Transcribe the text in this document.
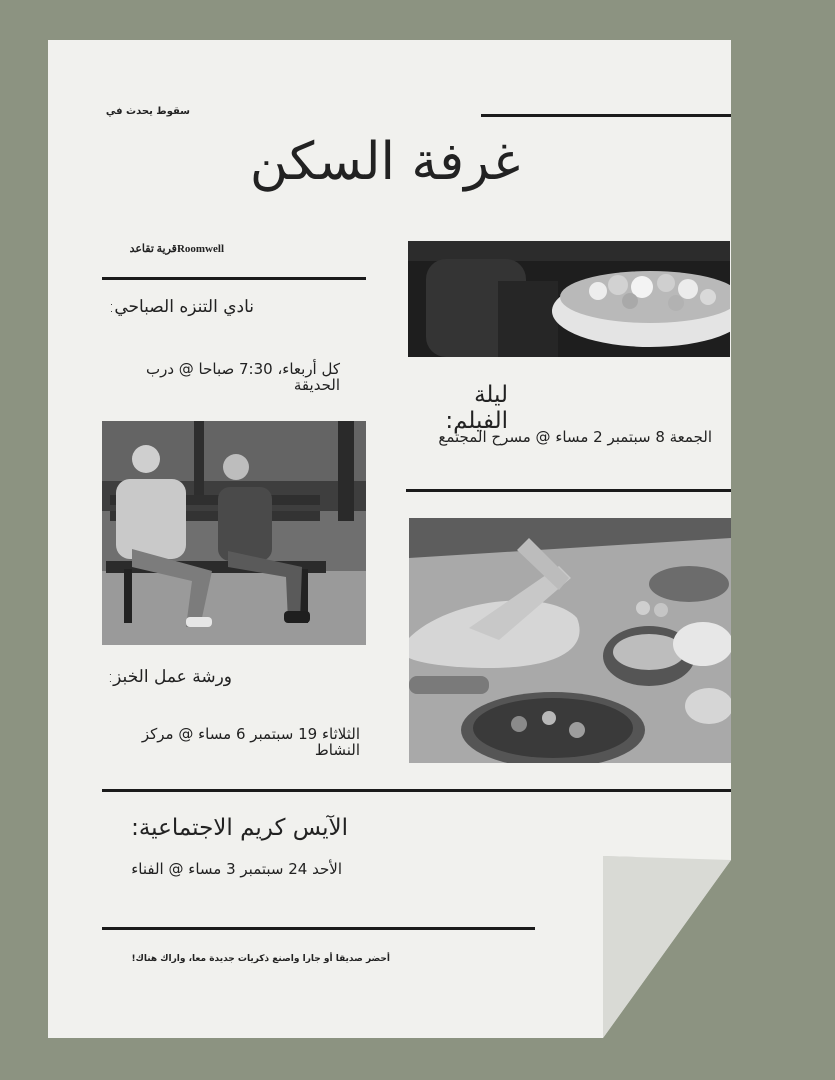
سقوط يحدث في
غرفة السكن
Roomwellقرية تقاعد
نادي التنزه الصباحي:
كل أربعاء، 7:30 صباحا @ درب الحديقة
ورشة عمل الخبز:
الثلاثاء 19 سبتمبر 6 مساء @ مركز النشاط
ليلة الفيلم:
الجمعة 8 سبتمبر 2 مساء @ مسرح المجتمع
الآيس كريم الاجتماعية:
الأحد 24 سبتمبر 3 مساء @ الفناء
أحضر صديقا أو جارا واصنع ذكريات جديدة معا، واراك هناك!
